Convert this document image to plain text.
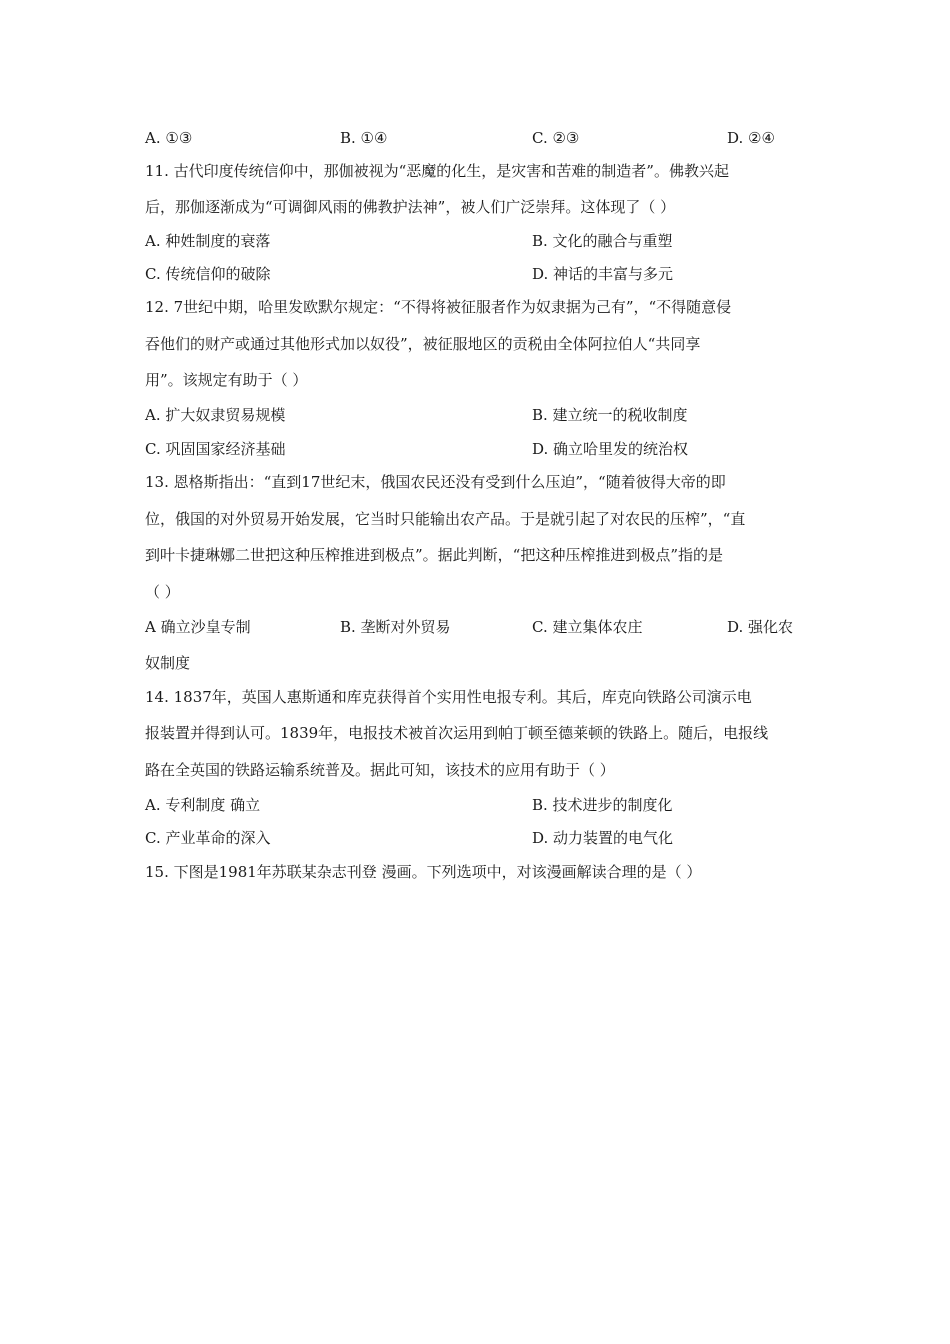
A. ①③	B. ①④	C. ②③	D. ②④
11. 古代印度传统信仰中，那伽被视为“恶魔的化生，是灾害和苦难的制造者”。佛教兴起
后，那伽逐渐成为“可调御风雨的佛教护法神”，被人们广泛崇拜。这体现了（ ）
A. 种姓制度的衰落	B. 文化的融合与重塑
C. 传统信仰的破除	D. 神话的丰富与多元
12. 7世纪中期，哈里发欧默尔规定：“不得将被征服者作为奴隶据为己有”，“不得随意侵
吞他们的财产或通过其他形式加以奴役”，被征服地区的贡税由全体阿拉伯人“共同享
用”。该规定有助于（ ）
A. 扩大奴隶贸易规模	B. 建立统一的税收制度
C. 巩固国家经济基础	D. 确立哈里发的统治权
13. 恩格斯指出：“直到17世纪末，俄国农民还没有受到什么压迫”，“随着彼得大帝的即
位，俄国的对外贸易开始发展，它当时只能输出农产品。于是就引起了对农民的压榨”，“直
到叶卡捷琳娜二世把这种压榨推进到极点”。据此判断，“把这种压榨推进到极点”指的是
（ ）
A 确立沙皇专制	B. 垄断对外贸易	C. 建立集体农庄	D. 强化农
奴制度
14. 1837年，英国人惠斯通和库克获得首个实用性电报专利。其后，库克向铁路公司演示电
报装置并得到认可。1839年，电报技术被首次运用到帕丁顿至德莱顿的铁路上。随后，电报线
路在全英国的铁路运输系统普及。据此可知，该技术的应用有助于（ ）
A. 专利制度 确立	B. 技术进步的制度化
C. 产业革命的深入	D. 动力装置的电气化
15. 下图是1981年苏联某杂志刊登 漫画。下列选项中，对该漫画解读合理的是（ ）
